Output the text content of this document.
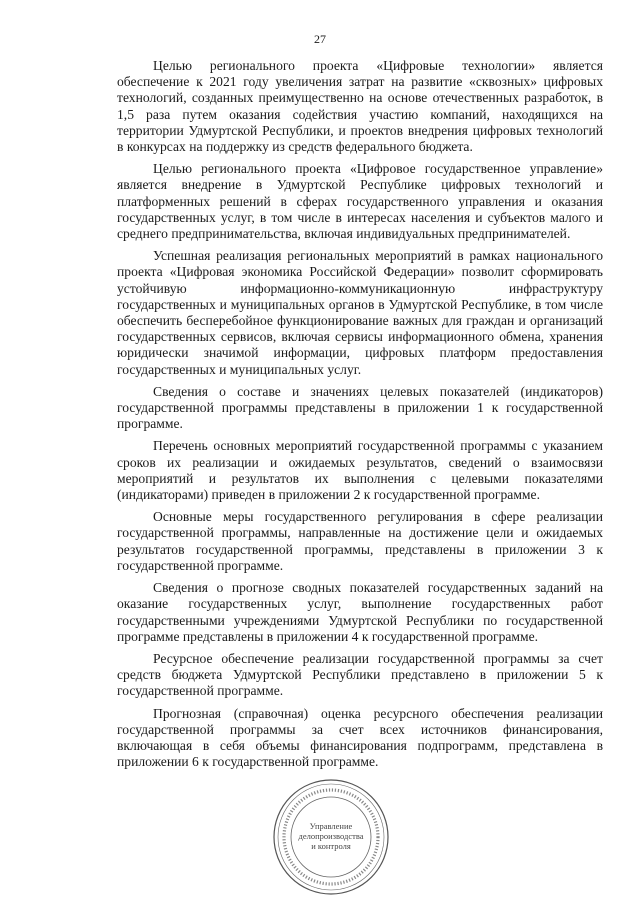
27

Целью регионального проекта «Цифровые технологии» является обеспечение к 2021 году увеличения затрат на развитие «сквозных» цифровых технологий, созданных преимущественно на основе отечественных разработок, в 1,5 раза путем оказания содействия участию компаний, находящихся на территории Удмуртской Республики, и проектов внедрения цифровых технологий в конкурсах на поддержку из средств федерального бюджета.

Целью регионального проекта «Цифровое государственное управление» является внедрение в Удмуртской Республике цифровых технологий и платформенных решений в сферах государственного управления и оказания государственных услуг, в том числе в интересах населения и субъектов малого и среднего предпринимательства, включая индивидуальных предпринимателей.

Успешная реализация региональных мероприятий в рамках национального проекта «Цифровая экономика Российской Федерации» позволит сформировать устойчивую информационно-коммуникационную инфраструктуру государственных и муниципальных органов в Удмуртской Республике, в том числе обеспечить бесперебойное функционирование важных для граждан и организаций государственных сервисов, включая сервисы информационного обмена, хранения юридически значимой информации, цифровых платформ предоставления государственных и муниципальных услуг.

Сведения о составе и значениях целевых показателей (индикаторов) государственной программы представлены в приложении 1 к государственной программе.

Перечень основных мероприятий государственной программы с указанием сроков их реализации и ожидаемых результатов, сведений о взаимосвязи мероприятий и результатов их выполнения с целевыми показателями (индикаторами) приведен в приложении 2 к государственной программе.

Основные меры государственного регулирования в сфере реализации государственной программы, направленные на достижение цели и ожидаемых результатов государственной программы, представлены в приложении 3 к государственной программе.

Сведения о прогнозе сводных показателей государственных заданий на оказание государственных услуг, выполнение государственных работ государственными учреждениями Удмуртской Республики по государственной программе представлены в приложении 4 к государственной программе.

Ресурсное обеспечение реализации государственной программы за счет средств бюджета Удмуртской Республики представлено в приложении 5 к государственной программе.

Прогнозная (справочная) оценка ресурсного обеспечения реализации государственной программы за счет всех источников финансирования, включающая в себя объемы финансирования подпрограмм, представлена в приложении 6 к государственной программе.

Управление
делопроизводства
и контроля
